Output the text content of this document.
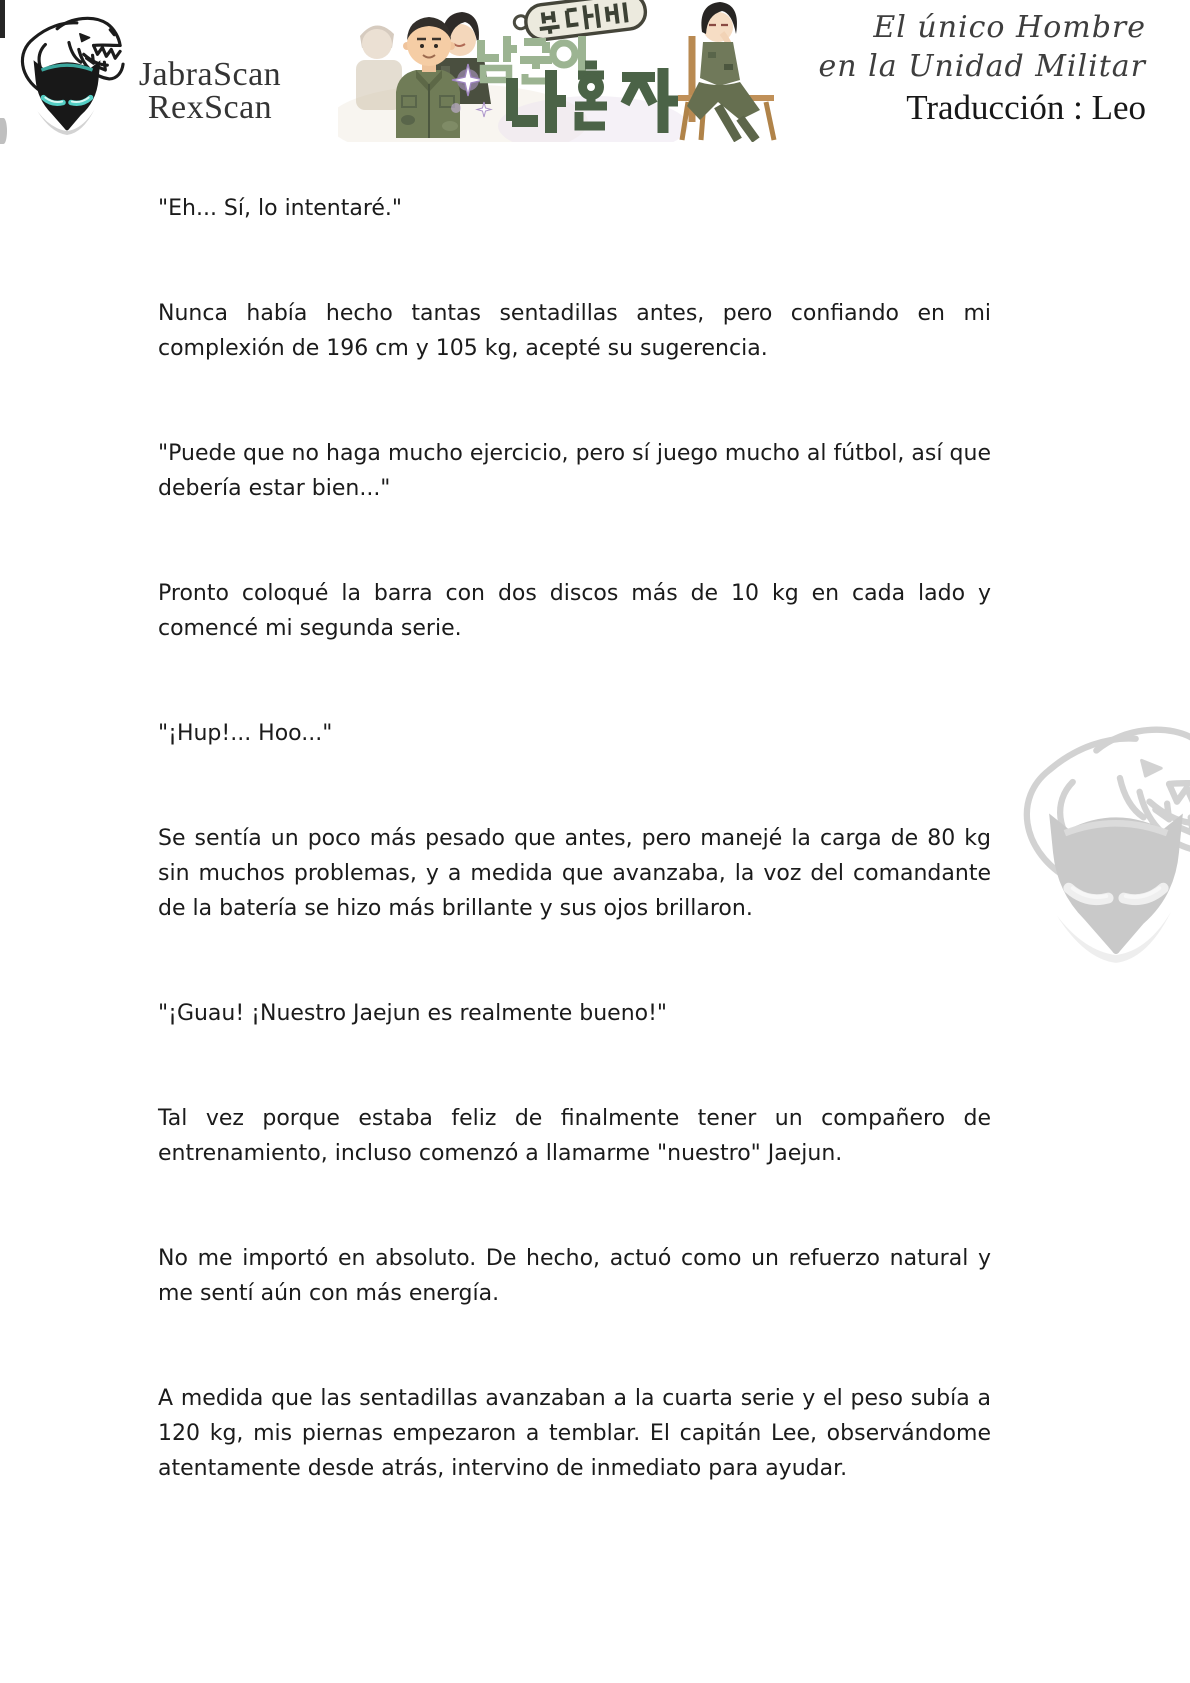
JabraScan
RexScan
El único Hombre
en la Unidad Militar
Traducción : Leo

"Eh... Sí, lo intentaré."

Nunca había hecho tantas sentadillas antes, pero confiando en mi complexión de 196 cm y 105 kg, acepté su sugerencia.

"Puede que no haga mucho ejercicio, pero sí juego mucho al fútbol, así que debería estar bien..."

Pronto coloqué la barra con dos discos más de 10 kg en cada lado y comencé mi segunda serie.

"¡Hup!... Hoo..."

Se sentía un poco más pesado que antes, pero manejé la carga de 80 kg sin muchos problemas, y a medida que avanzaba, la voz del comandante de la batería se hizo más brillante y sus ojos brillaron.

"¡Guau! ¡Nuestro Jaejun es realmente bueno!"

Tal vez porque estaba feliz de finalmente tener un compañero de entrenamiento, incluso comenzó a llamarme "nuestro" Jaejun.

No me importó en absoluto. De hecho, actuó como un refuerzo natural y me sentí aún con más energía.

A medida que las sentadillas avanzaban a la cuarta serie y el peso subía a 120 kg, mis piernas empezaron a temblar. El capitán Lee, observándome atentamente desde atrás, intervino de inmediato para ayudar.
